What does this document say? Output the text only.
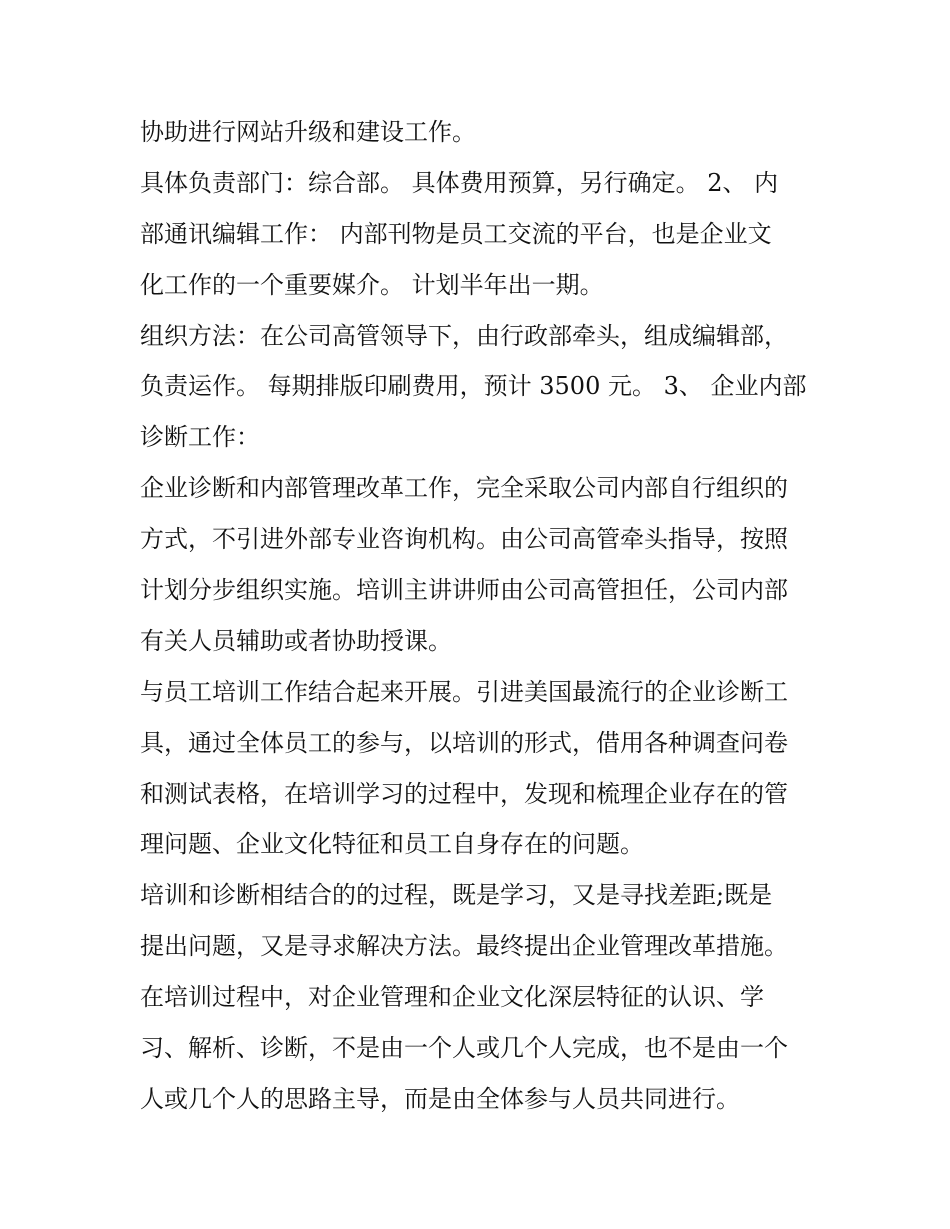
协助进行网站升级和建设工作。
具体负责部门：综合部。 具体费用预算，另行确定。 2、 内
部通讯编辑工作： 内部刊物是员工交流的平台，也是企业文
化工作的一个重要媒介。 计划半年出一期。
组织方法：在公司高管领导下，由行政部牵头，组成编辑部，
负责运作。 每期排版印刷费用，预计 3500 元。 3、 企业内部
诊断工作：
企业诊断和内部管理改革工作，完全采取公司内部自行组织的
方式，不引进外部专业咨询机构。由公司高管牵头指导，按照
计划分步组织实施。培训主讲讲师由公司高管担任，公司内部
有关人员辅助或者协助授课。
与员工培训工作结合起来开展。引进美国最流行的企业诊断工
具，通过全体员工的参与，以培训的形式，借用各种调查问卷
和测试表格，在培训学习的过程中，发现和梳理企业存在的管
理问题、企业文化特征和员工自身存在的问题。
培训和诊断相结合的的过程，既是学习，又是寻找差距;既是
提出问题，又是寻求解决方法。最终提出企业管理改革措施。
在培训过程中，对企业管理和企业文化深层特征的认识、学
习、解析、诊断，不是由一个人或几个人完成，也不是由一个
人或几个人的思路主导，而是由全体参与人员共同进行。
